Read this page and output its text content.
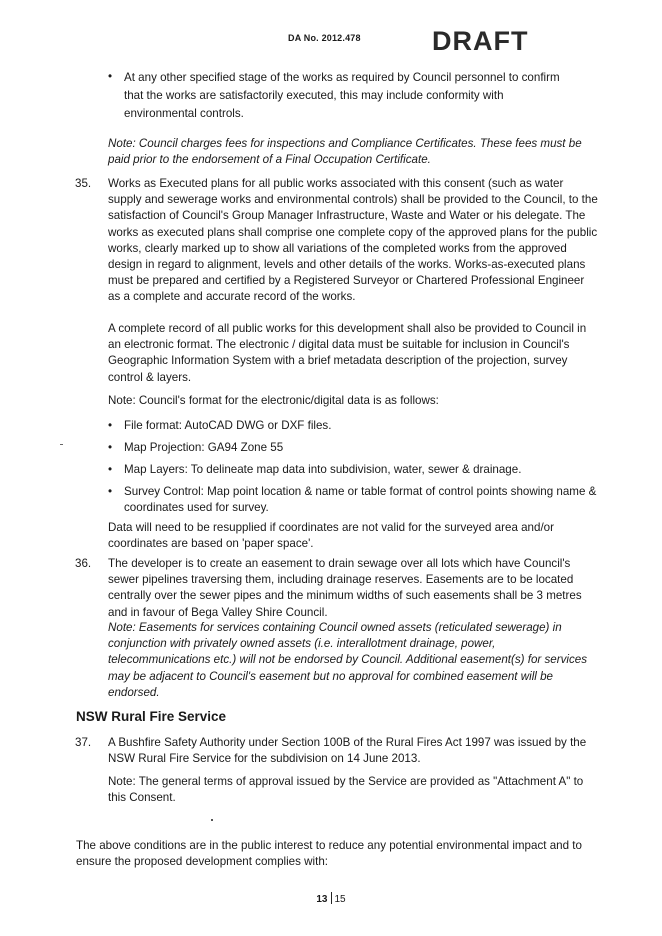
DA No. 2012.478	DRAFT
•	At any other specified stage of the works as required by Council personnel to confirm that the works are satisfactorily executed, this may include conformity with environmental controls.

Note: Council charges fees for inspections and Compliance Certificates. These fees must be paid prior to the endorsement of a Final Occupation Certificate.

35. Works as Executed plans for all public works associated with this consent (such as water supply and sewerage works and environmental controls) shall be provided to the Council, to the satisfaction of Council's Group Manager Infrastructure, Waste and Water or his delegate. The works as executed plans shall comprise one complete copy of the approved plans for the public works, clearly marked up to show all variations of the completed works from the approved design in regard to alignment, levels and other details of the works. Works-as-executed plans must be prepared and certified by a Registered Surveyor or Chartered Professional Engineer as a complete and accurate record of the works.

A complete record of all public works for this development shall also be provided to Council in an electronic format. The electronic / digital data must be suitable for inclusion in Council's Geographic Information System with a brief metadata description of the projection, survey control & layers.

Note: Council's format for the electronic/digital data is as follows:

•	File format: AutoCAD DWG or DXF files.
•	Map Projection: GA94 Zone 55
•	Map Layers: To delineate map data into subdivision, water, sewer & drainage.
•	Survey Control: Map point location & name or table format of control points showing name & coordinates used for survey.

Data will need to be resupplied if coordinates are not valid for the surveyed area and/or coordinates are based on 'paper space'.

36. The developer is to create an easement to drain sewage over all lots which have Council's sewer pipelines traversing them, including drainage reserves. Easements are to be located centrally over the sewer pipes and the minimum widths of such easements shall be 3 metres and in favour of Bega Valley Shire Council.

Note: Easements for services containing Council owned assets (reticulated sewerage) in conjunction with privately owned assets (i.e. interallotment drainage, power, telecommunications etc.) will not be endorsed by Council. Additional easement(s) for services may be adjacent to Council's easement but no approval for combined easement will be endorsed.

NSW Rural Fire Service
37. A Bushfire Safety Authority under Section 100B of the Rural Fires Act 1997 was issued by the NSW Rural Fire Service for the subdivision on 14 June 2013.

Note: The general terms of approval issued by the Service are provided as "Attachment A" to this Consent.

The above conditions are in the public interest to reduce any potential environmental impact and to ensure the proposed development complies with:

13 15
